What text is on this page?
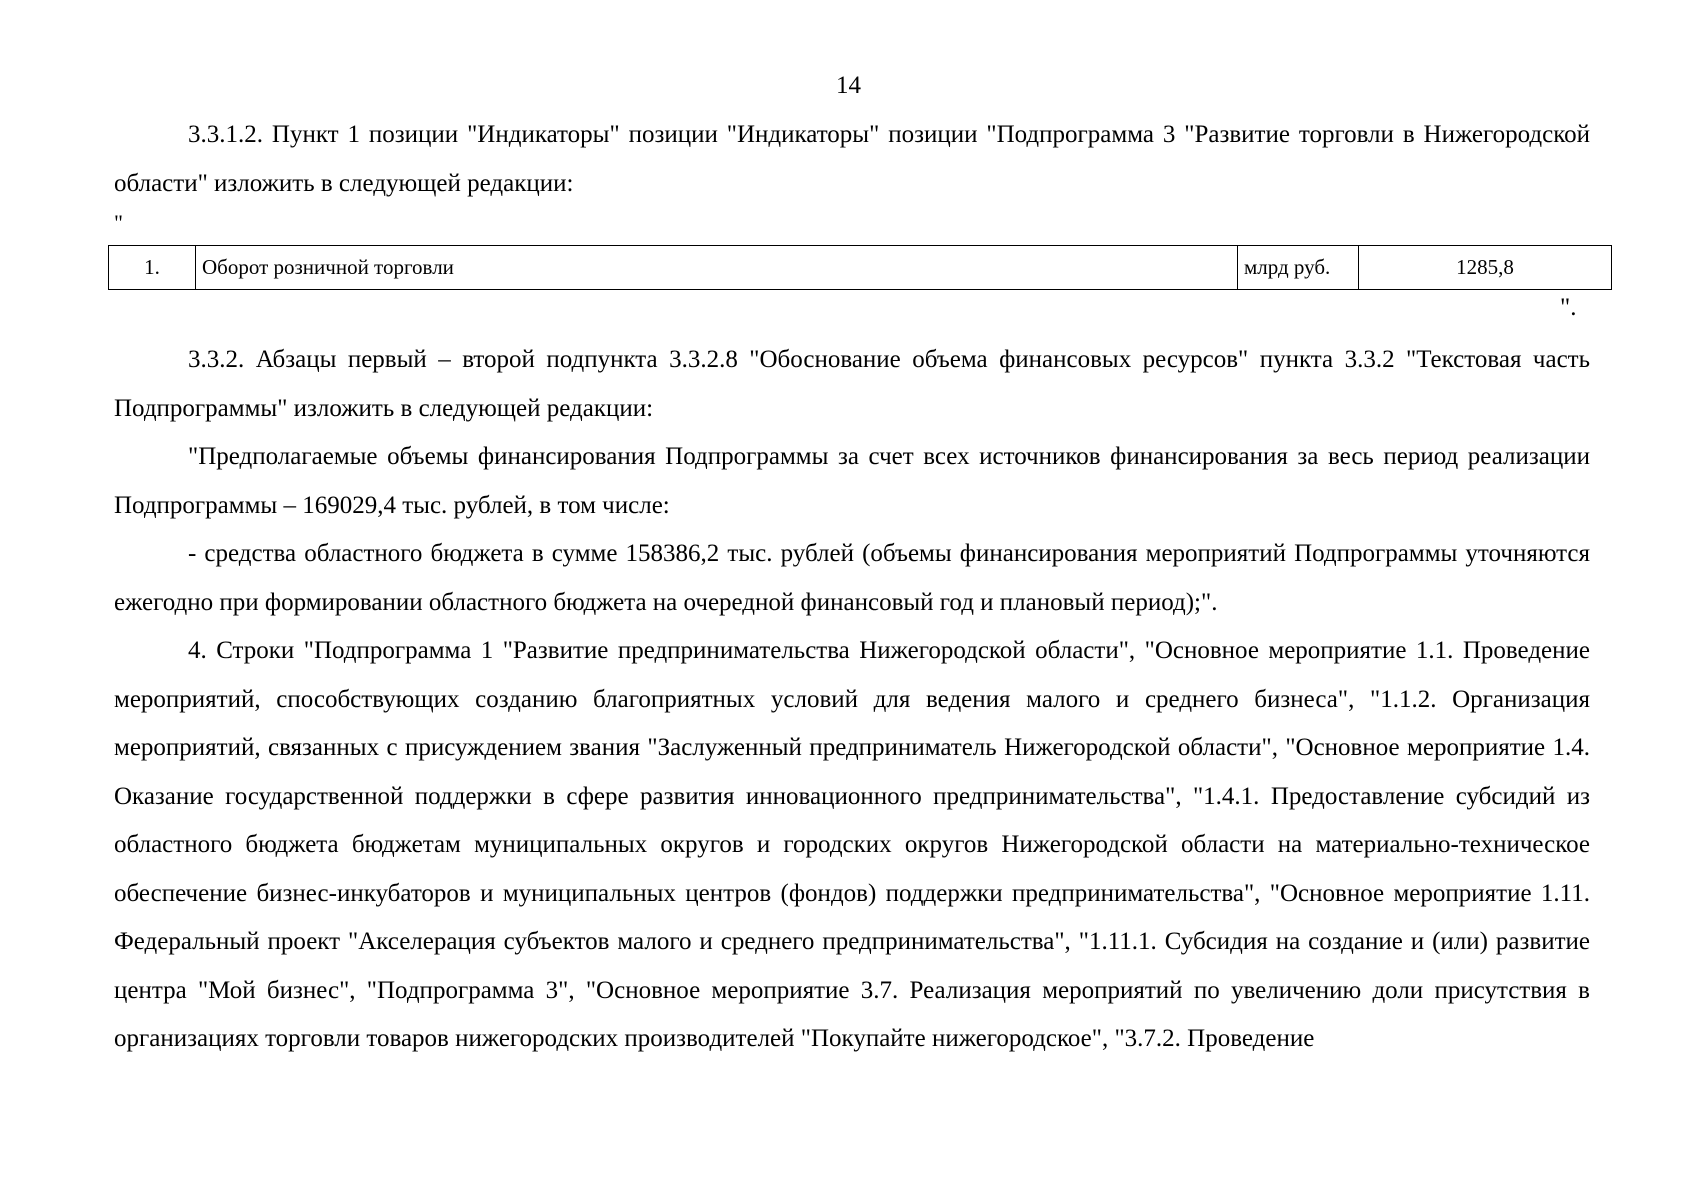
14

3.3.1.2. Пункт 1 позиции "Индикаторы" позиции "Индикаторы" позиции "Подпрограмма 3 "Развитие торговли в Нижегородской области" изложить в следующей редакции:

"
1.	Оборот розничной торговли	млрд руб.	1285,8
".

3.3.2. Абзацы первый – второй подпункта 3.3.2.8 "Обоснование объема финансовых ресурсов" пункта 3.3.2 "Текстовая часть Подпрограммы" изложить в следующей редакции:

"Предполагаемые объемы финансирования Подпрограммы за счет всех источников финансирования за весь период реализации Подпрограммы – 169029,4 тыс. рублей, в том числе:

- средства областного бюджета в сумме 158386,2 тыс. рублей (объемы финансирования мероприятий Подпрограммы уточняются ежегодно при формировании областного бюджета на очередной финансовый год и плановый период);".

4. Строки "Подпрограмма 1 "Развитие предпринимательства Нижегородской области", "Основное мероприятие 1.1. Проведение мероприятий, способствующих созданию благоприятных условий для ведения малого и среднего бизнеса", "1.1.2. Организация мероприятий, связанных с присуждением звания "Заслуженный предприниматель Нижегородской области", "Основное мероприятие 1.4. Оказание государственной поддержки в сфере развития инновационного предпринимательства", "1.4.1. Предоставление субсидий из областного бюджета бюджетам муниципальных округов и городских округов Нижегородской области на материально-техническое обеспечение бизнес-инкубаторов и муниципальных центров (фондов) поддержки предпринимательства", "Основное мероприятие 1.11. Федеральный проект "Акселерация субъектов малого и среднего предпринимательства", "1.11.1. Субсидия на создание и (или) развитие центра "Мой бизнес", "Подпрограмма 3", "Основное мероприятие 3.7. Реализация мероприятий по увеличению доли присутствия в организациях торговли товаров нижегородских производителей "Покупайте нижегородское", "3.7.2. Проведение
